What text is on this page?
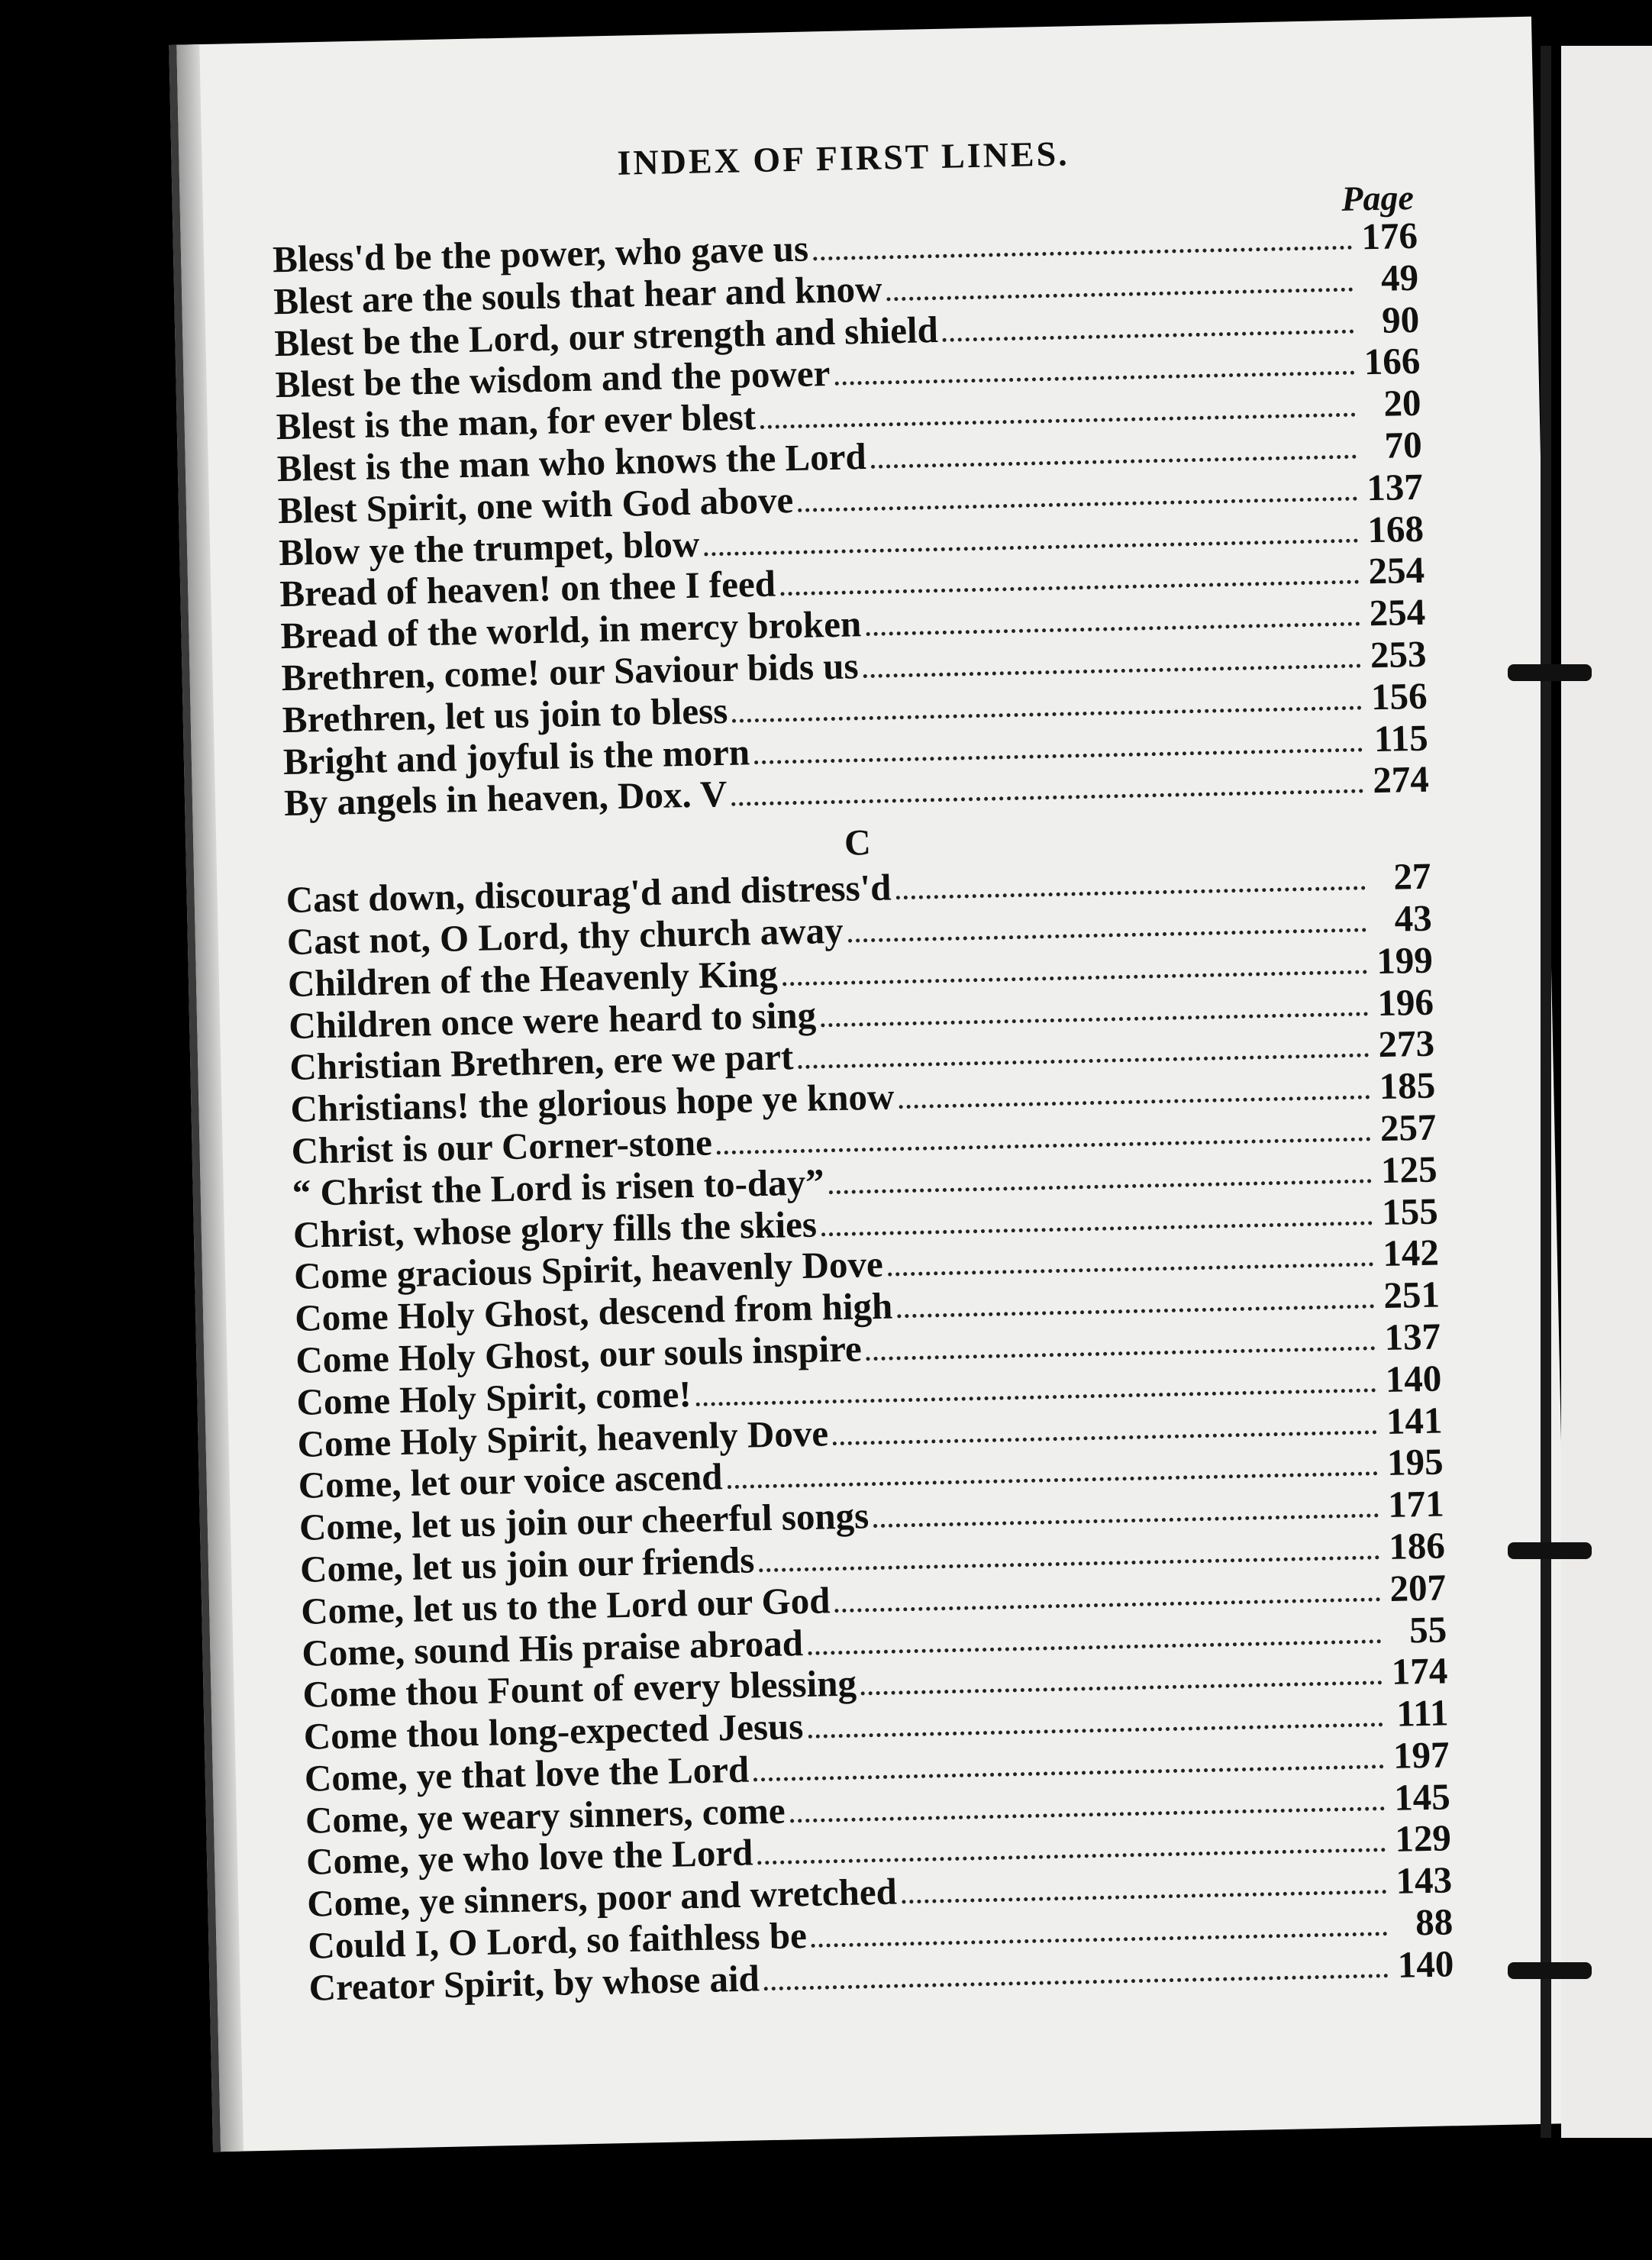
INDEX OF FIRST LINES.
Page
Bless'd be the power, who gave us	176
Blest are the souls that hear and know	49
Blest be the Lord, our strength and shield	90
Blest be the wisdom and the power	166
Blest is the man, for ever blest	20
Blest is the man who knows the Lord	70
Blest Spirit, one with God above	137
Blow ye the trumpet, blow	168
Bread of heaven! on thee I feed	254
Bread of the world, in mercy broken	254
Brethren, come! our Saviour bids us	253
Brethren, let us join to bless	156
Bright and joyful is the morn	115
By angels in heaven, Dox. V	274
C
Cast down, discourag'd and distress'd	27
Cast not, O Lord, thy church away	43
Children of the Heavenly King	199
Children once were heard to sing	196
Christian Brethren, ere we part	273
Christians! the glorious hope ye know	185
Christ is our Corner-stone	257
“ Christ the Lord is risen to-day”	125
Christ, whose glory fills the skies	155
Come gracious Spirit, heavenly Dove	142
Come Holy Ghost, descend from high	251
Come Holy Ghost, our souls inspire	137
Come Holy Spirit, come!	140
Come Holy Spirit, heavenly Dove	141
Come, let our voice ascend	195
Come, let us join our cheerful songs	171
Come, let us join our friends	186
Come, let us to the Lord our God	207
Come, sound His praise abroad	55
Come thou Fount of every blessing	174
Come thou long-expected Jesus	111
Come, ye that love the Lord	197
Come, ye weary sinners, come	145
Come, ye who love the Lord	129
Come, ye sinners, poor and wretched	143
Could I, O Lord, so faithless be	88
Creator Spirit, by whose aid	140
